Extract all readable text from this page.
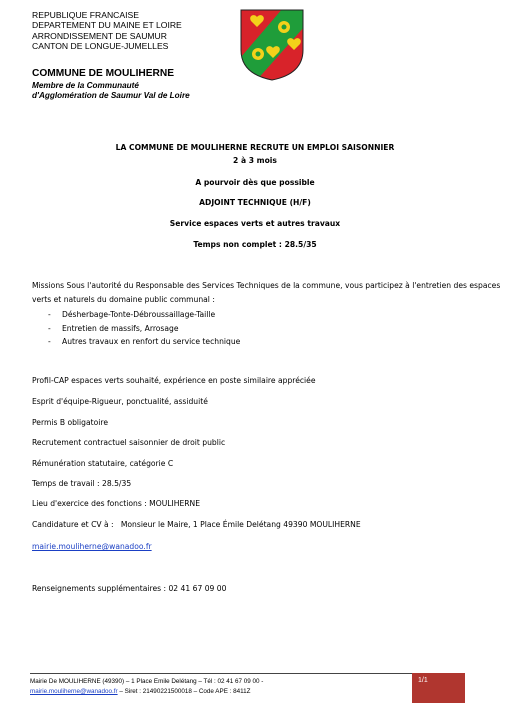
REPUBLIQUE FRANCAISE
DEPARTEMENT DU MAINE ET LOIRE
ARRONDISSEMENT DE SAUMUR
CANTON DE LONGUE-JUMELLES
COMMUNE DE MOULIHERNE
Membre de la Communauté
d'Agglomération de Saumur Val de Loire
LA COMMUNE DE MOULIHERNE RECRUTE UN EMPLOI SAISONNIER
2 à 3 mois
A pourvoir dès que possible
ADJOINT TECHNIQUE (H/F)
Service espaces verts et autres travaux
Temps non complet : 28.5/35
Missions Sous l'autorité du Responsable des Services Techniques de la commune, vous participez à l'entretien des espaces verts et naturels du domaine public communal :
- Désherbage-Tonte-Débroussaillage-Taille
- Entretien de massifs, Arrosage
- Autres travaux en renfort du service technique
Profil-CAP espaces verts souhaité, expérience en poste similaire appréciée
Esprit d'équipe-Rigueur, ponctualité, assiduité
Permis B obligatoire
Recrutement contractuel saisonnier de droit public
Rémunération statutaire, catégorie C
Temps de travail : 28.5/35
Lieu d'exercice des fonctions : MOULIHERNE
Candidature et CV à : Monsieur le Maire, 1 Place Émile Delétang 49390 MOULIHERNE
mairie.mouliherne@wanadoo.fr
Renseignements supplémentaires : 02 41 67 09 00
Mairie De MOULIHERNE (49390) – 1 Place Emile Delétang – Tél : 02 41 67 09 00 -
mairie.mouliherne@wanadoo.fr – Siret : 21490221500018 – Code APE : 8411Z
1/1
